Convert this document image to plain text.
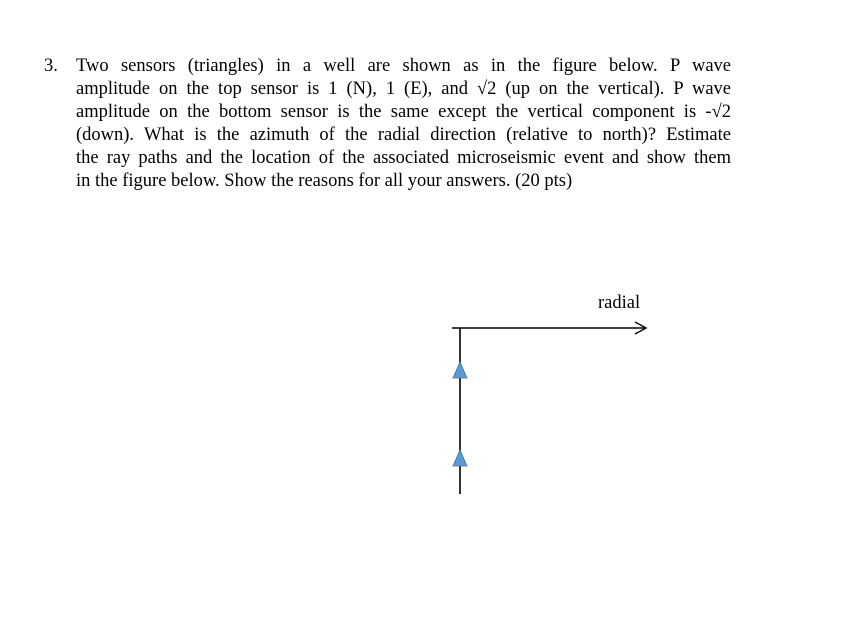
3. Two sensors (triangles) in a well are shown as in the figure below. P wave
amplitude on the top sensor is 1 (N), 1 (E), and √2 (up on the vertical). P wave
amplitude on the bottom sensor is the same except the vertical component is -√2
(down). What is the azimuth of the radial direction (relative to north)? Estimate
the ray paths and the location of the associated microseismic event and show them
in the figure below. Show the reasons for all your answers. (20 pts)
radial
